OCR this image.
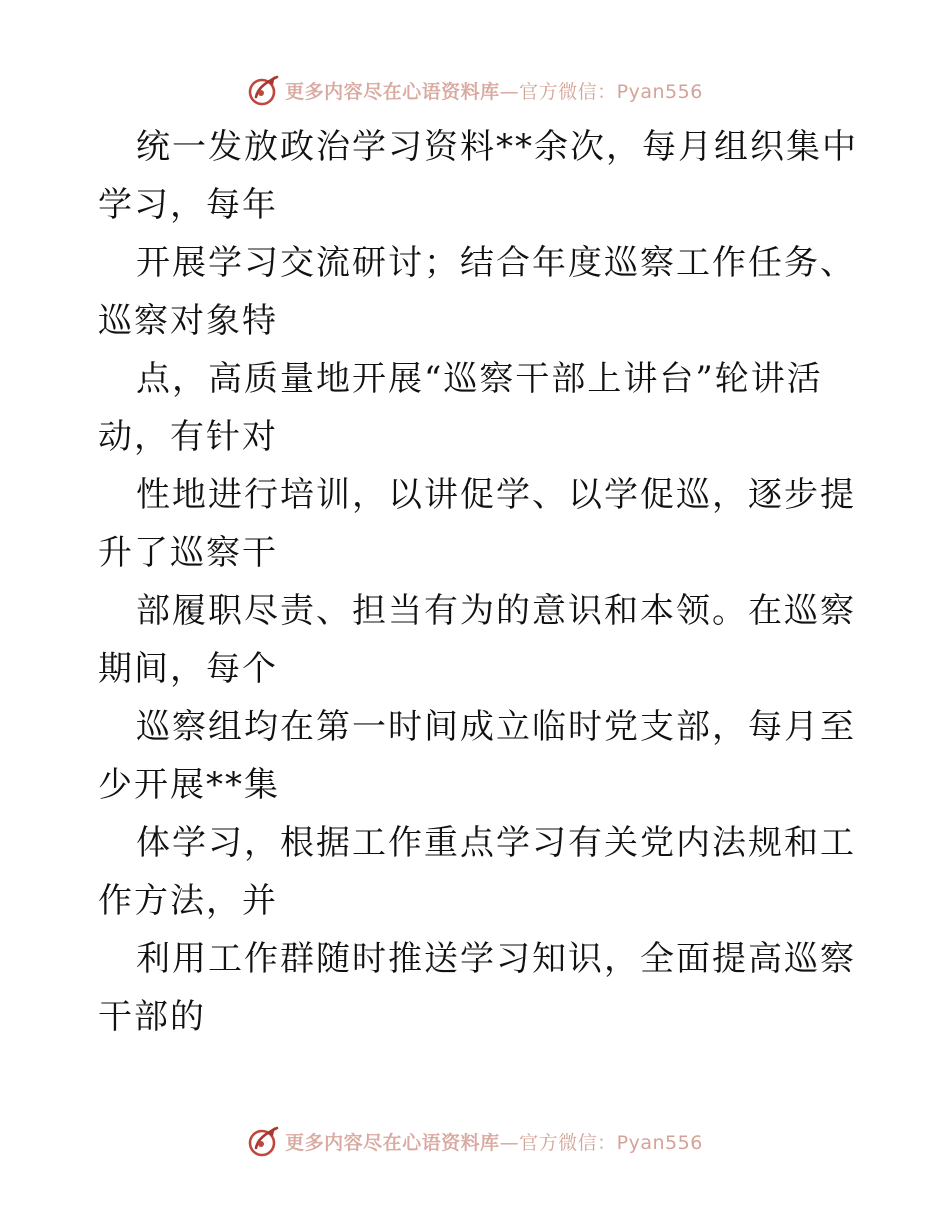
更多内容尽在心语资料库 —官方微信：Pyan556

统一发放政治学习资料**余次，每月组织集中学习，每年

开展学习交流研讨；结合年度巡察工作任务、巡察对象特

点，高质量地开展“巡察干部上讲台”轮讲活动，有针对

性地进行培训，以讲促学、以学促巡，逐步提升了巡察干

部履职尽责、担当有为的意识和本领。在巡察期间，每个

巡察组均在第一时间成立临时党支部，每月至少开展**集

体学习，根据工作重点学习有关党内法规和工作方法，并

利用工作群随时推送学习知识，全面提高巡察干部的

更多内容尽在心语资料库 —官方微信：Pyan556
